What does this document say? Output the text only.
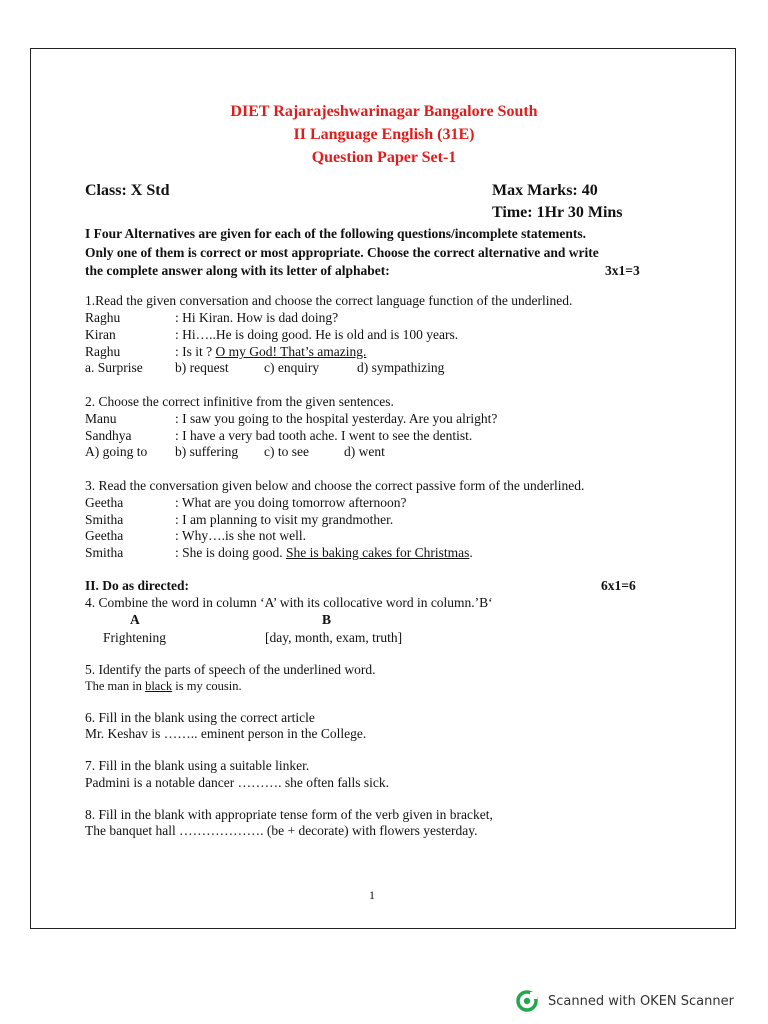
DIET Rajarajeshwarinagar Bangalore South
II Language English (31E)
Question Paper Set-1
Class: X Std	Max Marks: 40
Time: 1Hr 30 Mins
I Four Alternatives are given for each of the following questions/incomplete statements.
Only one of them is correct or most appropriate. Choose the correct alternative and write
the complete answer along with its letter of alphabet:	3x1=3
1.Read the given conversation and choose the correct language function of the underlined.
Raghu	: Hi Kiran. How is dad doing?
Kiran	: Hi…..He is doing good. He is old and is 100 years.
Raghu	: Is it ? O my God! That’s amazing.
a. Surprise b) request	c) enquiry	d) sympathizing
2. Choose the correct infinitive from the given sentences.
Manu	: I saw you going to the hospital yesterday. Are you alright?
Sandhya	: I have a very bad tooth ache. I went to see the dentist.
A) going to b) suffering c) to see	d) went
3. Read the conversation given below and choose the correct passive form of the underlined.
Geetha	: What are you doing tomorrow afternoon?
Smitha	: I am planning to visit my grandmother.
Geetha	: Why….is she not well.
Smitha	: She is doing good. She is baking cakes for Christmas.
II. Do as directed:	6x1=6
4. Combine the word in column ‘A’ with its collocative word in column.’B‘
A	B
Frightening	[day, month, exam, truth]
5. Identify the parts of speech of the underlined word.
The man in black is my cousin.
6. Fill in the blank using the correct article
Mr. Keshav is …….. eminent person in the College.
7. Fill in the blank using a suitable linker.
Padmini is a notable dancer ………. she often falls sick.
8. Fill in the blank with appropriate tense form of the verb given in bracket,
The banquet hall ………………. (be + decorate) with flowers yesterday.
1
Scanned with OKEN Scanner
